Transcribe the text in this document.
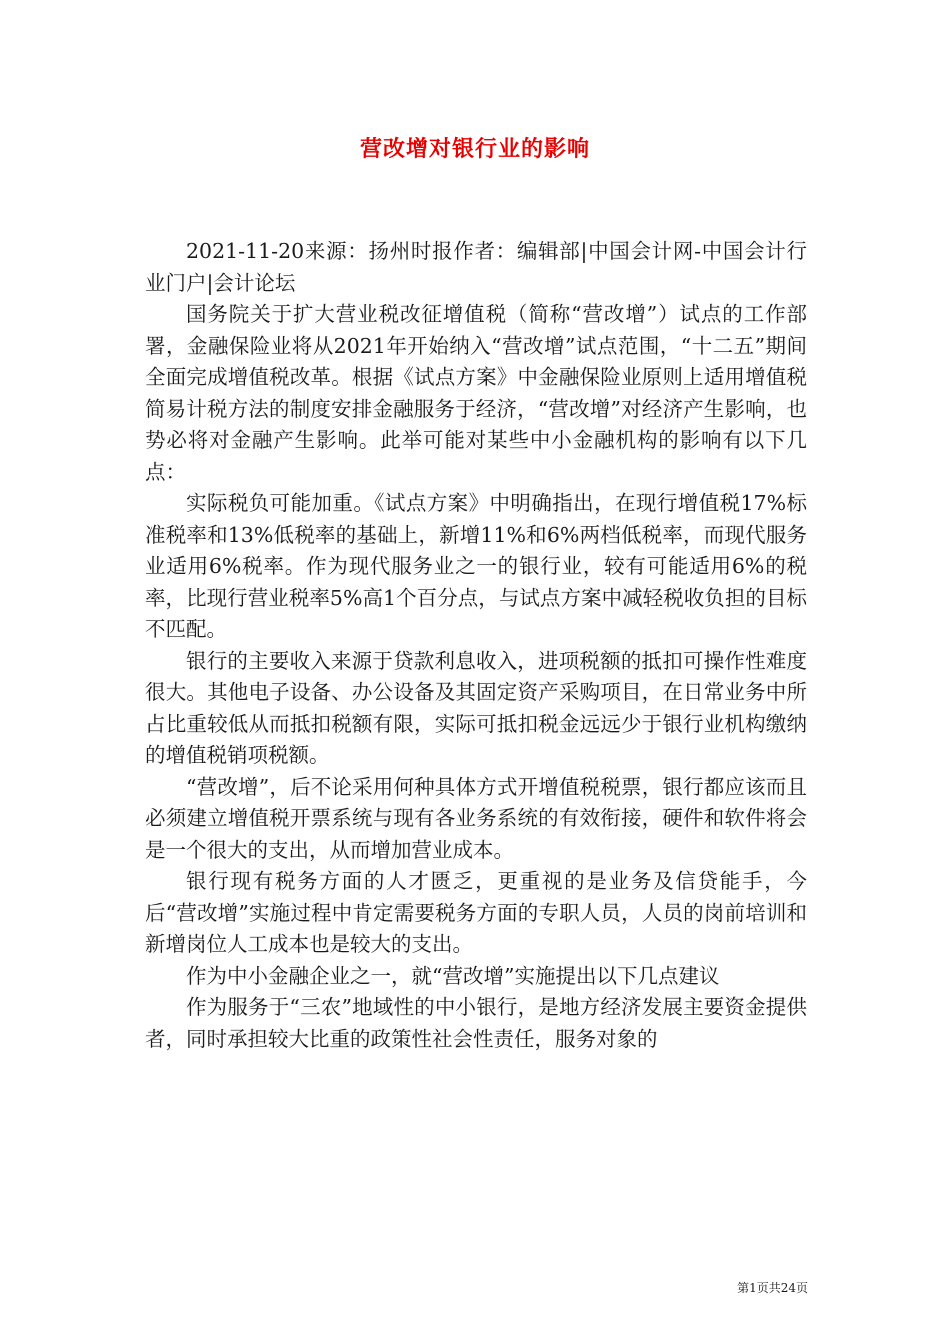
营改增对银行业的影响

2021-11-20来源：扬州时报作者：编辑部|中国会计网-中国会计行业门户|会计论坛

国务院关于扩大营业税改征增值税（简称“营改增”）试点的工作部署，金融保险业将从2021年开始纳入“营改增”试点范围，“十二五”期间全面完成增值税改革。根据《试点方案》中金融保险业原则上适用增值税简易计税方法的制度安排金融服务于经济，“营改增”对经济产生影响，也势必将对金融产生影响。此举可能对某些中小金融机构的影响有以下几点：

实际税负可能加重。《试点方案》中明确指出，在现行增值税17%标准税率和13%低税率的基础上，新增11%和6%两档低税率，而现代服务业适用6%税率。作为现代服务业之一的银行业，较有可能适用6%的税率，比现行营业税率5%高1个百分点，与试点方案中减轻税收负担的目标不匹配。

银行的主要收入来源于贷款利息收入，进项税额的抵扣可操作性难度很大。其他电子设备、办公设备及其固定资产采购项目，在日常业务中所占比重较低从而抵扣税额有限，实际可抵扣税金远远少于银行业机构缴纳的增值税销项税额。

“营改增”，后不论采用何种具体方式开增值税税票，银行都应该而且必须建立增值税开票系统与现有各业务系统的有效衔接，硬件和软件将会是一个很大的支出，从而增加营业成本。

银行现有税务方面的人才匮乏，更重视的是业务及信贷能手，今后“营改增”实施过程中肯定需要税务方面的专职人员，人员的岗前培训和新增岗位人工成本也是较大的支出。

作为中小金融企业之一，就“营改增”实施提出以下几点建议

作为服务于“三农”地域性的中小银行，是地方经济发展主要资金提供者，同时承担较大比重的政策性社会性责任，服务对象的

第1页共24页
